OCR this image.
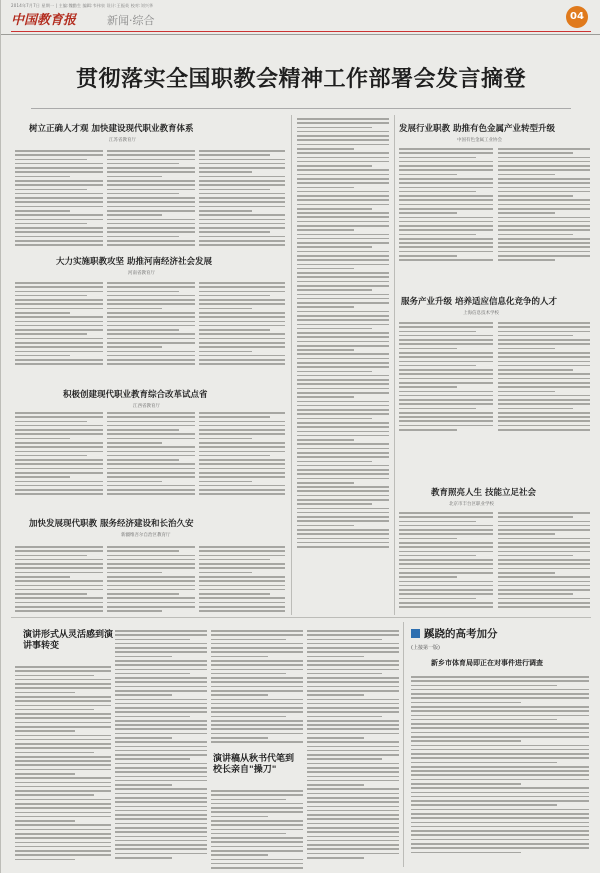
2014年7月7日 星期一 | 主编:魏勤生 编辑:韦伟泉 设计:王振英 校对:刘兴华
中国教育报	新闻·综合	04
贯彻落实全国职教会精神工作部署会发言摘登
树立正确人才观 加快建设现代职业教育体系
江苏省教育厅
大力实施职教攻坚 助推河南经济社会发展
河南省教育厅
积极创建现代职业教育综合改革试点省
江西省教育厅
加快发展现代职教 服务经济建设和长治久安
新疆维吾尔自治区教育厅
发展行业职教 助推有色金属产业转型升级
中国有色金属工业协会
服务产业升级 培养适应信息化竞争的人才
上海信息技术学校
教育照亮人生 技能立足社会
北京市丰台区职业学校
演讲形式从灵活感到演讲事转变
演讲稿从秋书代笔到校长亲自"操刀"
蹊跷的高考加分
(上接第一版)
新乡市体育局即正在对事件进行调查
